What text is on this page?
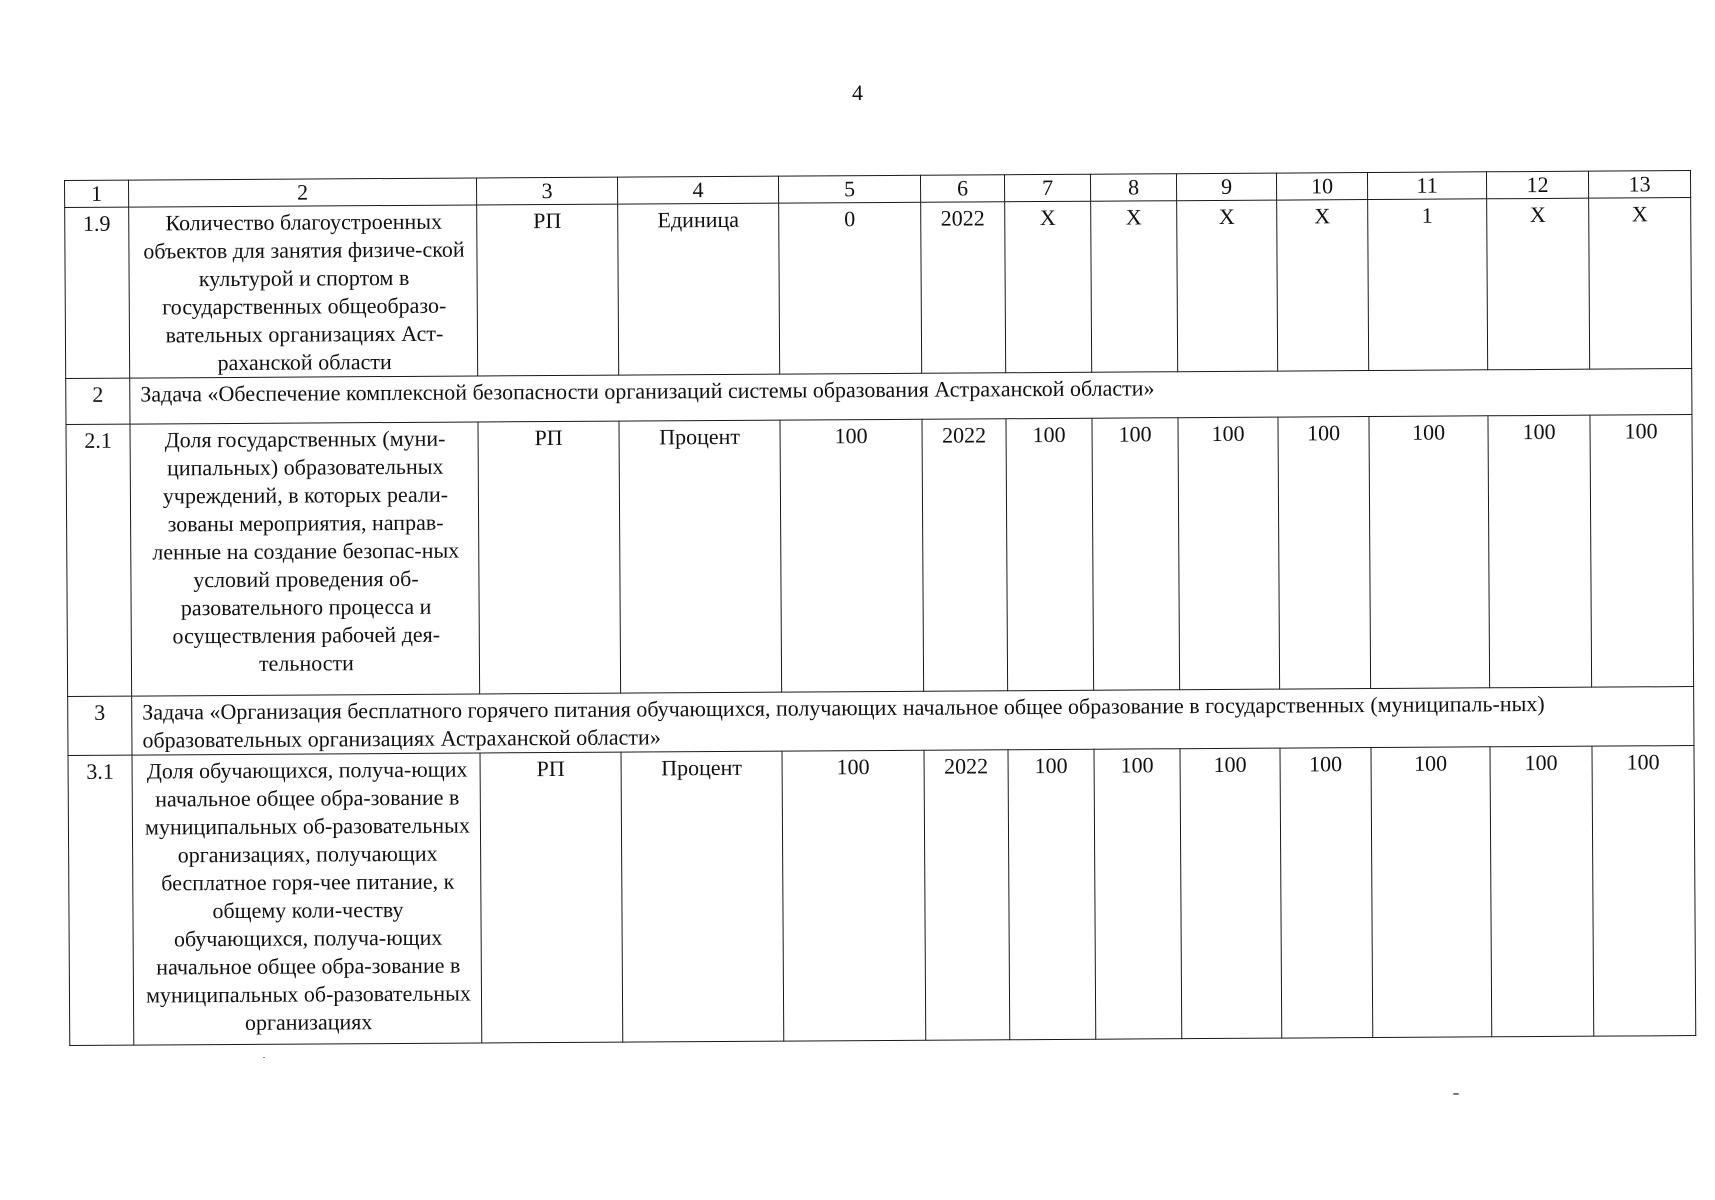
4
1	2	3	4	5	6	7	8	9	10	11	12	13
1.9	Количество благоустроенных объектов для занятия физиче-ской культурой и спортом в государственных общеобразо-вательных организациях Аст-раханской области	РП	Единица	0	2022	Х	Х	Х	Х	1	Х	Х
2	Задача «Обеспечение комплексной безопасности организаций системы образования Астраханской области»											
2.1	Доля государственных (муни-ципальных) образовательных учреждений, в которых реали-зованы мероприятия, направ-ленные на создание безопас-ных условий проведения об-разовательного процесса и осуществления рабочей дея-тельности	РП	Процент	100	2022	100	100	100	100	100	100	100
3	Задача «Организация бесплатного горячего питания обучающихся, получающих начальное общее образование в государственных (муниципаль-ных) образовательных организациях Астраханской области»											
3.1	Доля обучающихся, получа-ющих начальное общее обра-зование в муниципальных об-разовательных организациях, получающих бесплатное горя-чее питание, к общему коли-честву обучающихся, получа-ющих начальное общее обра-зование в муниципальных об-разовательных организациях	РП	Процент	100	2022	100	100	100	100	100	100	100
